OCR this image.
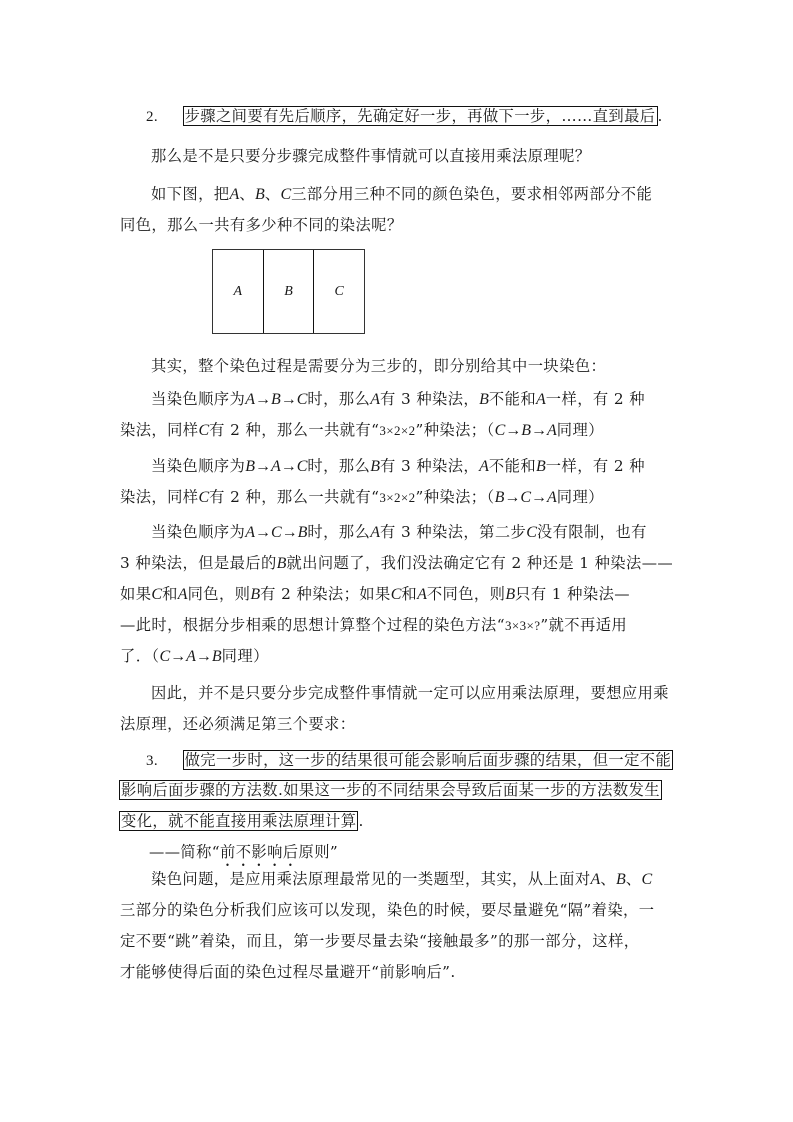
2. 步骤之间要有先后顺序，先确定好一步，再做下一步，……直到最后 .
那么是不是只要分步骤完成整件事情就可以直接用乘法原理呢？
如下图，把A、B、C三部分用三种不同的颜色染色，要求相邻两部分不能
同色，那么一共有多少种不同的染法呢？
A	B	C
其实，整个染色过程是需要分为三步的，即分别给其中一块染色：
当染色顺序为A→B→C时，那么A有 3 种染法，B不能和A一样，有 2 种
染法，同样C有 2 种，那么一共就有“3×2×2”种染法；（C→B→A同理）
当染色顺序为B→A→C时，那么B有 3 种染法，A不能和B一样，有 2 种
染法，同样C有 2 种，那么一共就有“3×2×2”种染法；（B→C→A同理）
当染色顺序为A→C→B时，那么A有 3 种染法，第二步C没有限制，也有
3 种染法，但是最后的B就出问题了，我们没法确定它有 2 种还是 1 种染法——
如果C和A同色，则B有 2 种染法；如果C和A不同色，则B只有 1 种染法—
—此时，根据分步相乘的思想计算整个过程的染色方法“3×3×?”就不再适用
了．（C→A→B同理）
因此，并不是只要分步完成整件事情就一定可以应用乘法原理，要想应用乘
法原理，还必须满足第三个要求：
3. 做完一步时，这一步的结果很可能会影响后面步骤的结果，但一定不能
影响后面步骤的方法数.如果这一步的不同结果会导致后面某一步的方法数发生
变化，就不能直接用乘法原理计算 .
——简称“前不影响后原则”
染色问题，是应用乘法原理最常见的一类题型，其实，从上面对A、B、C
三部分的染色分析我们应该可以发现，染色的时候，要尽量避免“隔”着染，一
定不要“跳”着染，而且，第一步要尽量去染“接触最多”的那一部分，这样，
才能够使得后面的染色过程尽量避开“前影响后”.
